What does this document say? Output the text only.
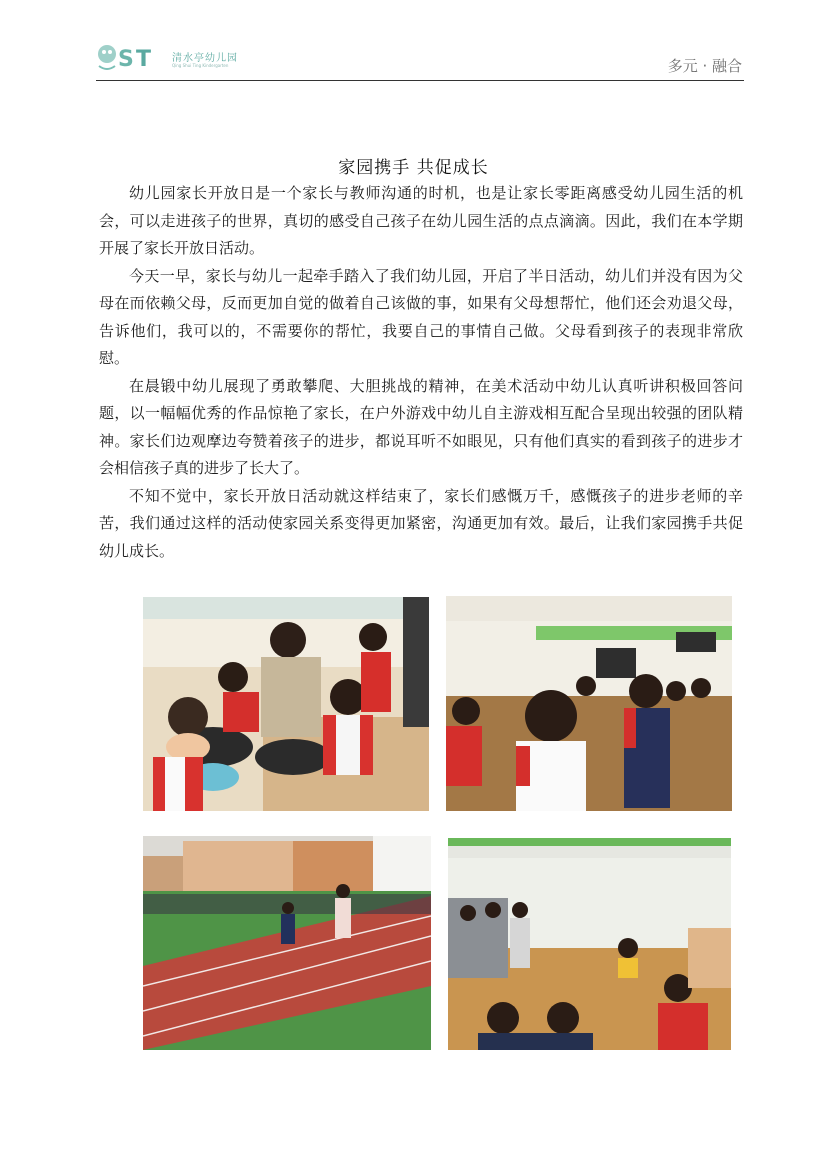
S T 清水亭幼儿园
Qing Shui Ting Kindergarten	多元 · 融合
家园携手 共促成长

幼儿园家长开放日是一个家长与教师沟通的时机，也是让家长零距离感受幼儿园生活的机会，可以走进孩子的世界，真切的感受自己孩子在幼儿园生活的点点滴滴。因此，我们在本学期开展了家长开放日活动。

今天一早，家长与幼儿一起牵手踏入了我们幼儿园，开启了半日活动，幼儿们并没有因为父母在而依赖父母，反而更加自觉的做着自己该做的事，如果有父母想帮忙，他们还会劝退父母，告诉他们，我可以的，不需要你的帮忙，我要自己的事情自己做。父母看到孩子的表现非常欣慰。

在晨锻中幼儿展现了勇敢攀爬、大胆挑战的精神，在美术活动中幼儿认真听讲积极回答问题，以一幅幅优秀的作品惊艳了家长，在户外游戏中幼儿自主游戏相互配合呈现出较强的团队精神。家长们边观摩边夸赞着孩子的进步，都说耳听不如眼见，只有他们真实的看到孩子的进步才会相信孩子真的进步了长大了。

不知不觉中，家长开放日活动就这样结束了，家长们感慨万千，感慨孩子的进步老师的辛苦，我们通过这样的活动使家园关系变得更加紧密，沟通更加有效。最后，让我们家园携手共促幼儿成长。
